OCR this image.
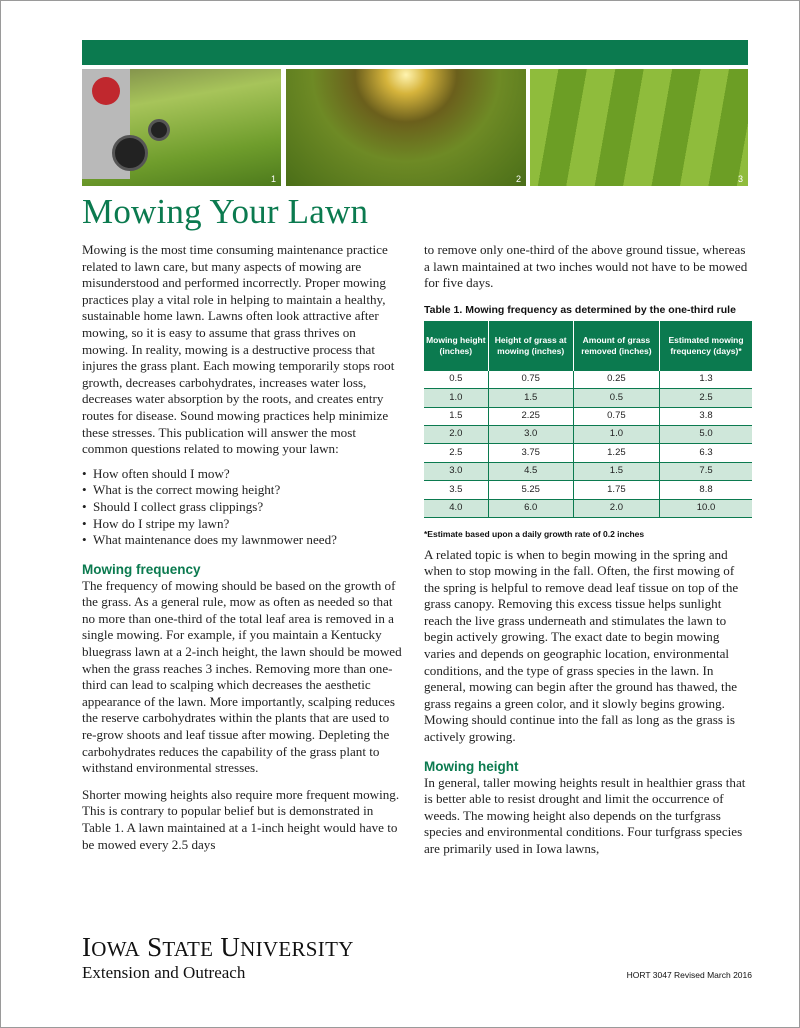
1	2	3
Mowing Your Lawn

Mowing is the most time consuming maintenance practice related to lawn care, but many aspects of mowing are misunderstood and performed incorrectly. Proper mowing practices play a vital role in helping to maintain a healthy, sustainable home lawn. Lawns often look attractive after mowing, so it is easy to assume that grass thrives on mowing. In reality, mowing is a destructive process that injures the grass plant. Each mowing temporarily stops root growth, decreases carbohydrates, increases water loss, decreases water absorption by the roots, and creates entry routes for disease. Sound mowing practices help minimize these stresses. This publication will answer the most common questions related to mowing your lawn:

• How often should I mow?
• What is the correct mowing height?
• Should I collect grass clippings?
• How do I stripe my lawn?
• What maintenance does my lawnmower need?
Mowing frequency

The frequency of mowing should be based on the growth of the grass. As a general rule, mow as often as needed so that no more than one-third of the total leaf area is removed in a single mowing. For example, if you maintain a Kentucky bluegrass lawn at a 2-inch height, the lawn should be mowed when the grass reaches 3 inches. Removing more than one-third can lead to scalping which decreases the aesthetic appearance of the lawn. More importantly, scalping reduces the reserve carbohydrates within the plants that are used to re-grow shoots and leaf tissue after mowing. Depleting the carbohydrates reduces the capability of the grass plant to withstand environmental stresses.

Shorter mowing heights also require more frequent mowing. This is contrary to popular belief but is demonstrated in Table 1. A lawn maintained at a 1-inch height would have to be mowed every 2.5 days

to remove only one-third of the above ground tissue, whereas a lawn maintained at two inches would not have to be mowed for five days.

Table 1. Mowing frequency as determined by the one-third rule
Mowing height (inches)	Height of grass at mowing (inches)	Amount of grass removed (inches)	Estimated mowing frequency (days)*
0.5	0.75	0.25	1.3
1.0	1.5	0.5	2.5
1.5	2.25	0.75	3.8
2.0	3.0	1.0	5.0
2.5	3.75	1.25	6.3
3.0	4.5	1.5	7.5
3.5	5.25	1.75	8.8
4.0	6.0	2.0	10.0
*Estimate based upon a daily growth rate of 0.2 inches

A related topic is when to begin mowing in the spring and when to stop mowing in the fall. Often, the first mowing of the spring is helpful to remove dead leaf tissue on top of the grass canopy. Removing this excess tissue helps sunlight reach the live grass underneath and stimulates the lawn to begin actively growing. The exact date to begin mowing varies and depends on geographic location, environmental conditions, and the type of grass species in the lawn. In general, mowing can begin after the ground has thawed, the grass regains a green color, and it slowly begins growing. Mowing should continue into the fall as long as the grass is actively growing.

Mowing height

In general, taller mowing heights result in healthier grass that is better able to resist drought and limit the occurrence of weeds. The mowing height also depends on the turfgrass species and environmental conditions. Four turfgrass species are primarily used in Iowa lawns,

IOWA STATE UNIVERSITY
Extension and Outreach	HORT 3047 Revised March 2016
